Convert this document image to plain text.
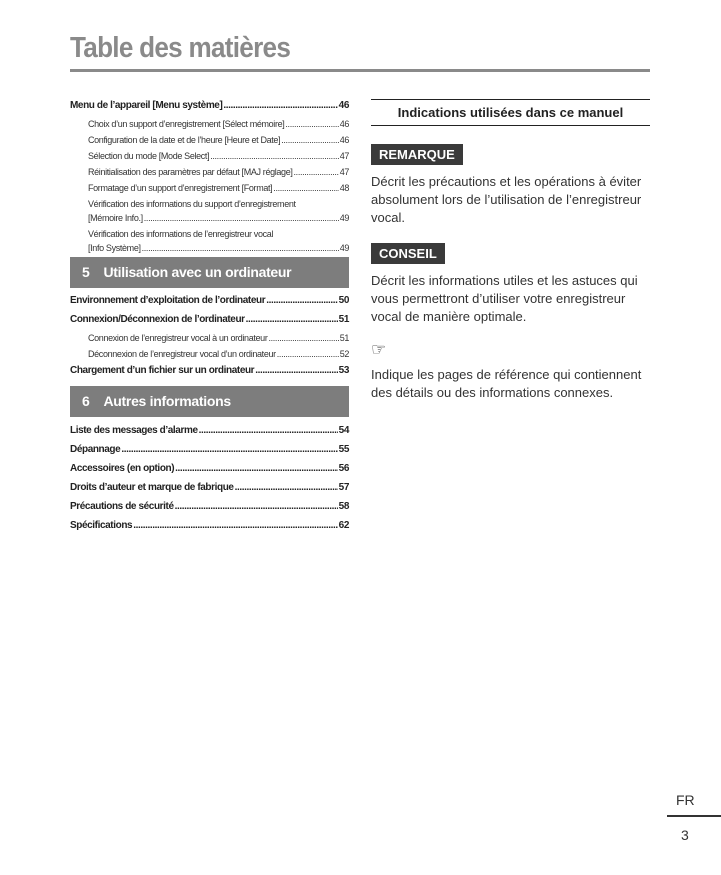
Table des matières
Menu de l’appareil [Menu système] .....	46
Choix d’un support d’enregistrement [Sélect mémoire] .....	46
Configuration de la date et de l’heure [Heure et Date] .....	46
Sélection du mode [Mode Select] .....	47
Réinitialisation des paramètres par défaut [MAJ réglage] .....	47
Formatage d’un support d’enregistrement [Format] .....	48
Vérification des informations du support d’enregistrement
[Mémoire Info.] .....	49
Vérification des informations de l’enregistreur vocal
[Info Système] .....	49
5 Utilisation avec un ordinateur
Environnement d’exploitation de l’ordinateur .....	50
Connexion/Déconnexion de l’ordinateur .....	51
Connexion de l’enregistreur vocal à un ordinateur .....	51
Déconnexion de l’enregistreur vocal d’un ordinateur .....	52
Chargement d’un fichier sur un ordinateur .....	53
6 Autres informations
Liste des messages d’alarme .....	54
Dépannage .....	55
Accessoires (en option) .....	56
Droits d’auteur et marque de fabrique .....	57
Précautions de sécurité .....	58
Spécifications .....	62
Indications utilisées dans ce manuel
REMARQUE
Décrit les précautions et les opérations à éviter absolument lors de l’utilisation de l’enregistreur vocal.
CONSEIL
Décrit les informations utiles et les astuces qui vous permettront d’utiliser votre enregistreur vocal de manière optimale.
☞
Indique les pages de référence qui contiennent des détails ou des informations connexes.
FR
3
